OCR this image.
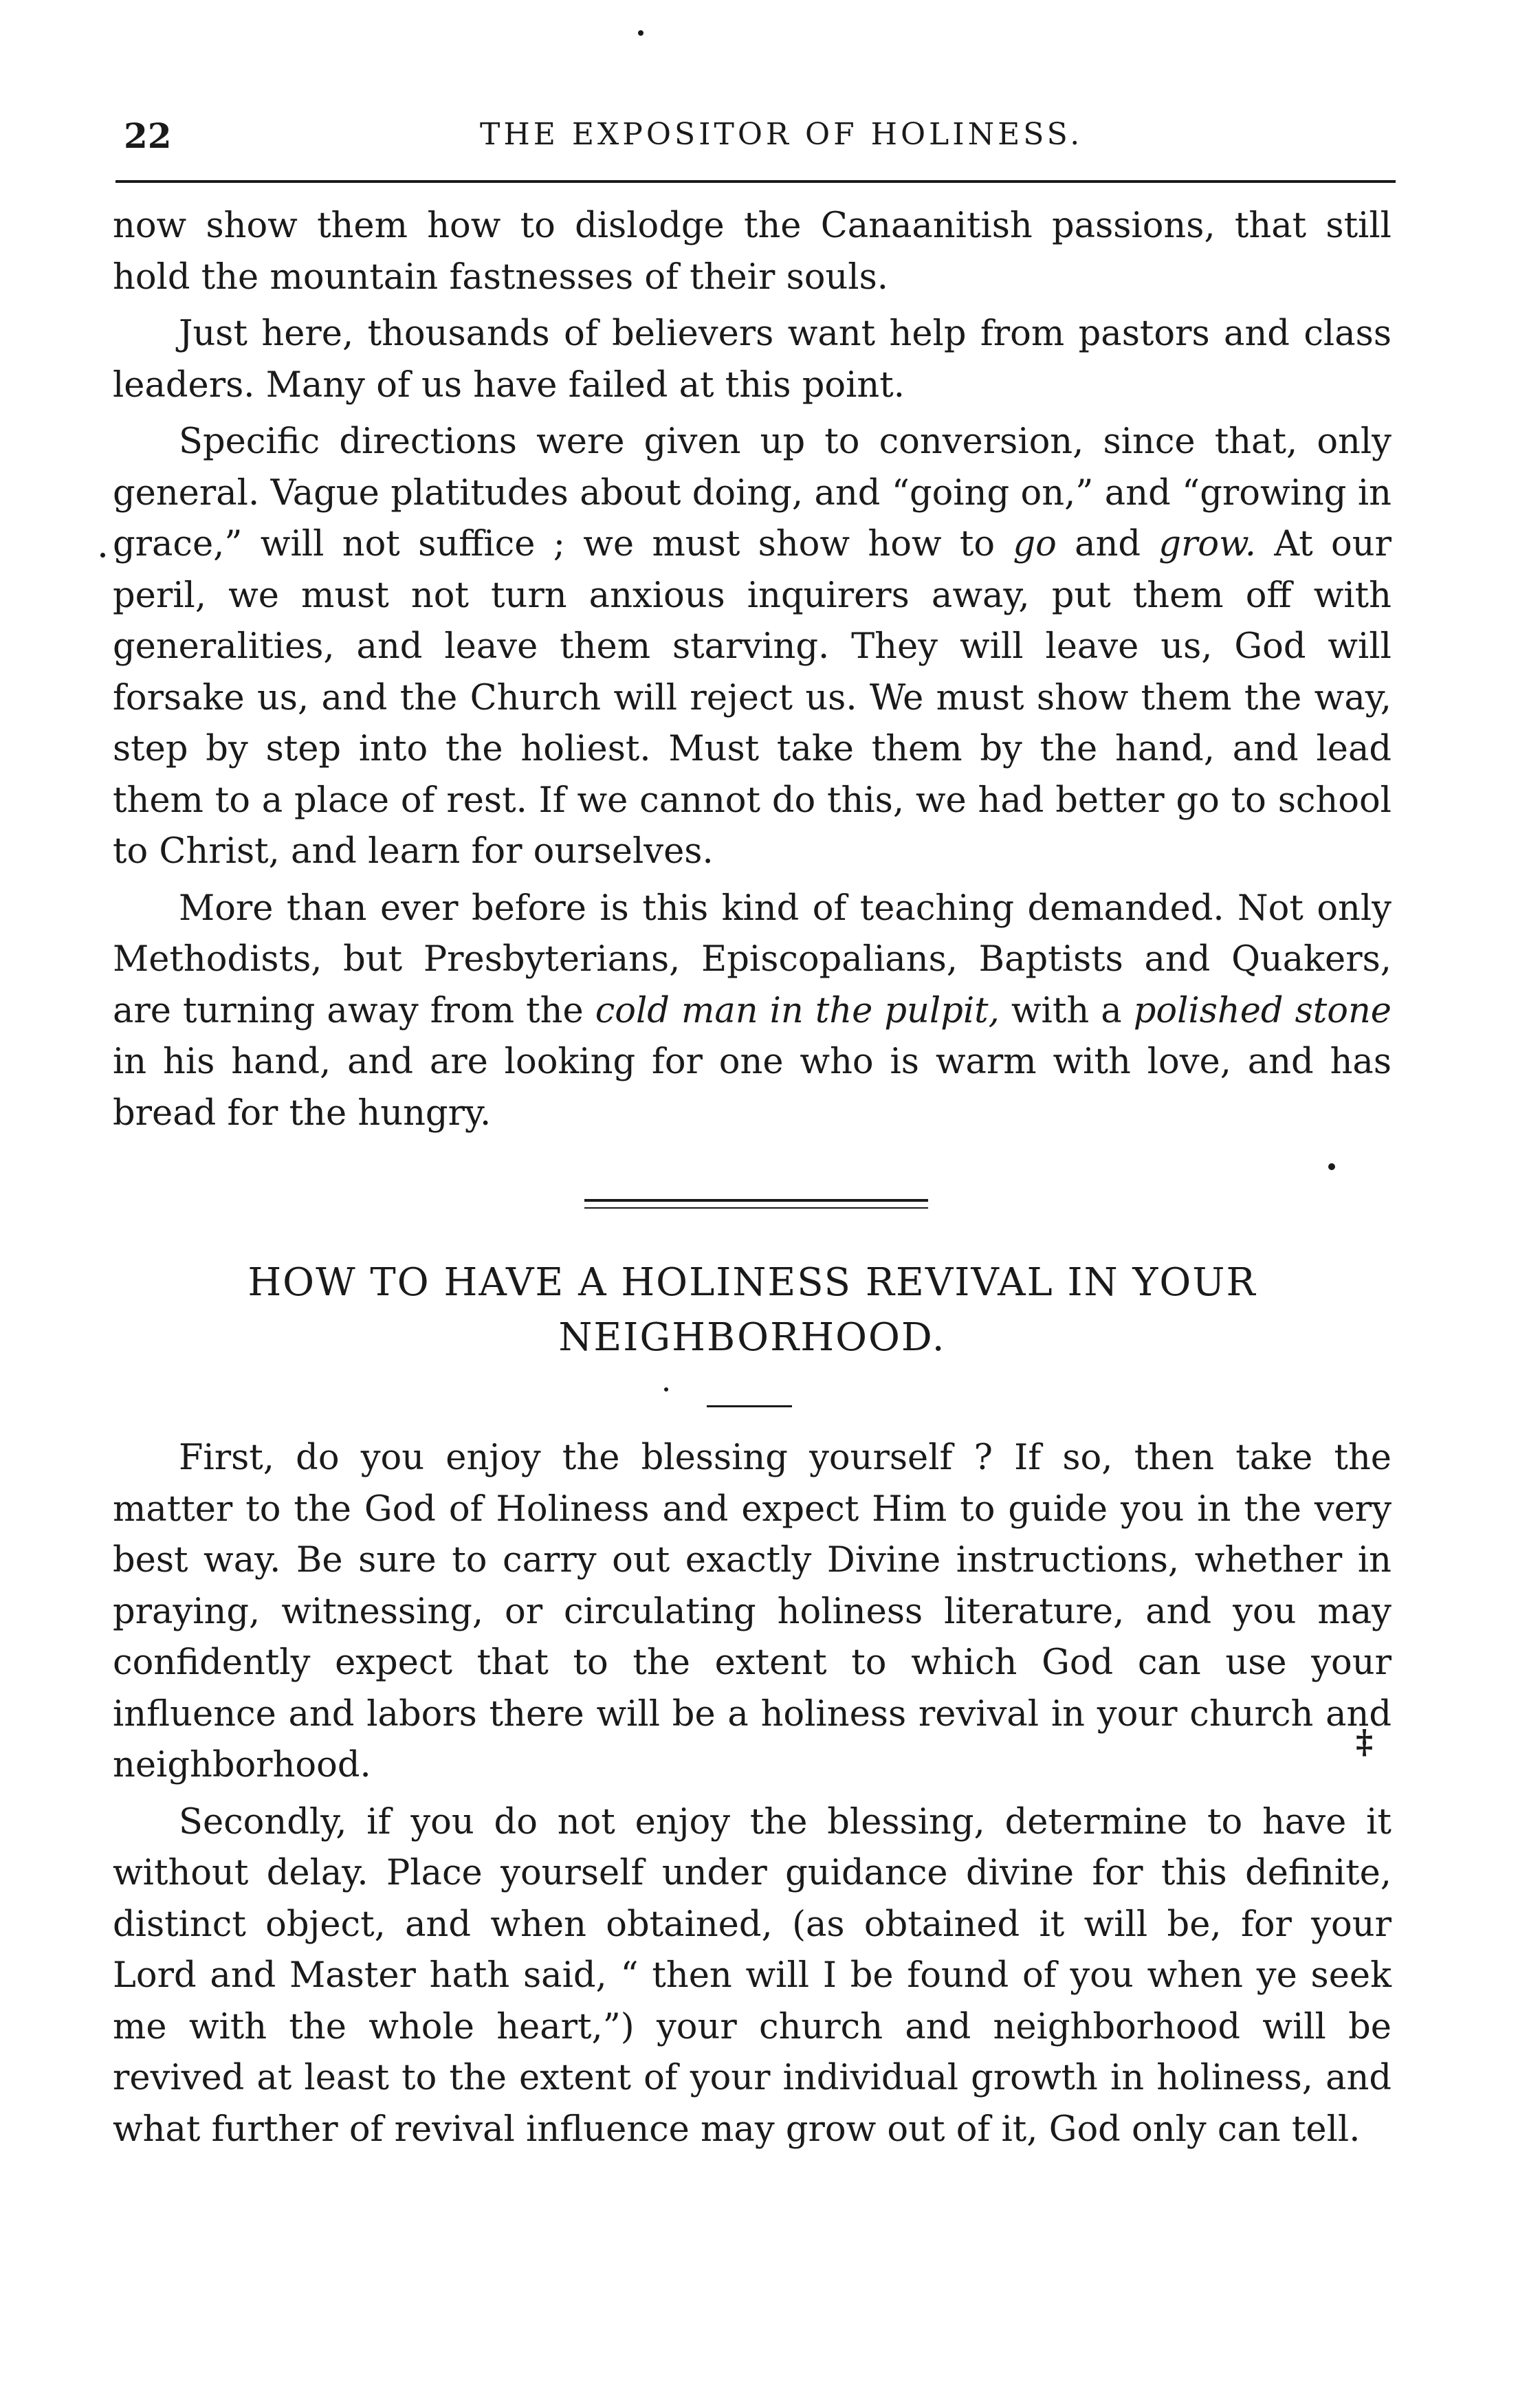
22	THE EXPOSITOR OF HOLINESS.

now show them how to dislodge the Canaanitish passions, that still hold the mountain fastnesses of their souls.

Just here, thousands of believers want help from pastors and class leaders. Many of us have failed at this point.

Specific directions were given up to conversion, since that, only general. Vague platitudes about doing, and “going on,” and “growing in grace,” will not suffice ; we must show how to go and grow. At our peril, we must not turn anxious inquirers away, put them off with generalities, and leave them starving. They will leave us, God will forsake us, and the Church will reject us. We must show them the way, step by step into the holiest. Must take them by the hand, and lead them to a place of rest. If we cannot do this, we had better go to school to Christ, and learn for ourselves.

More than ever before is this kind of teaching demanded. Not only Methodists, but Presbyterians, Episcopalians, Baptists and Quakers, are turning away from the cold man in the pulpit, with a polished stone in his hand, and are looking for one who is warm with love, and has bread for the hungry.

HOW TO HAVE A HOLINESS REVIVAL IN YOUR
NEIGHBORHOOD.

First, do you enjoy the blessing yourself ? If so, then take the matter to the God of Holiness and expect Him to guide you in the very best way. Be sure to carry out exactly Divine instructions, whether in praying, witnessing, or circulating holiness literature, and you may confidently expect that to the extent to which God can use your influence and labors there will be a holiness revival in your church and neighborhood.

Secondly, if you do not enjoy the blessing, determine to have it without delay. Place yourself under guidance divine for this definite, distinct object, and when obtained, (as obtained it will be, for your Lord and Master hath said, “ then will I be found of you when ye seek me with the whole heart,”) your church and neighborhood will be revived at least to the extent of your individual growth in holiness, and what further of revival influence may grow out of it, God only can tell.

‡
